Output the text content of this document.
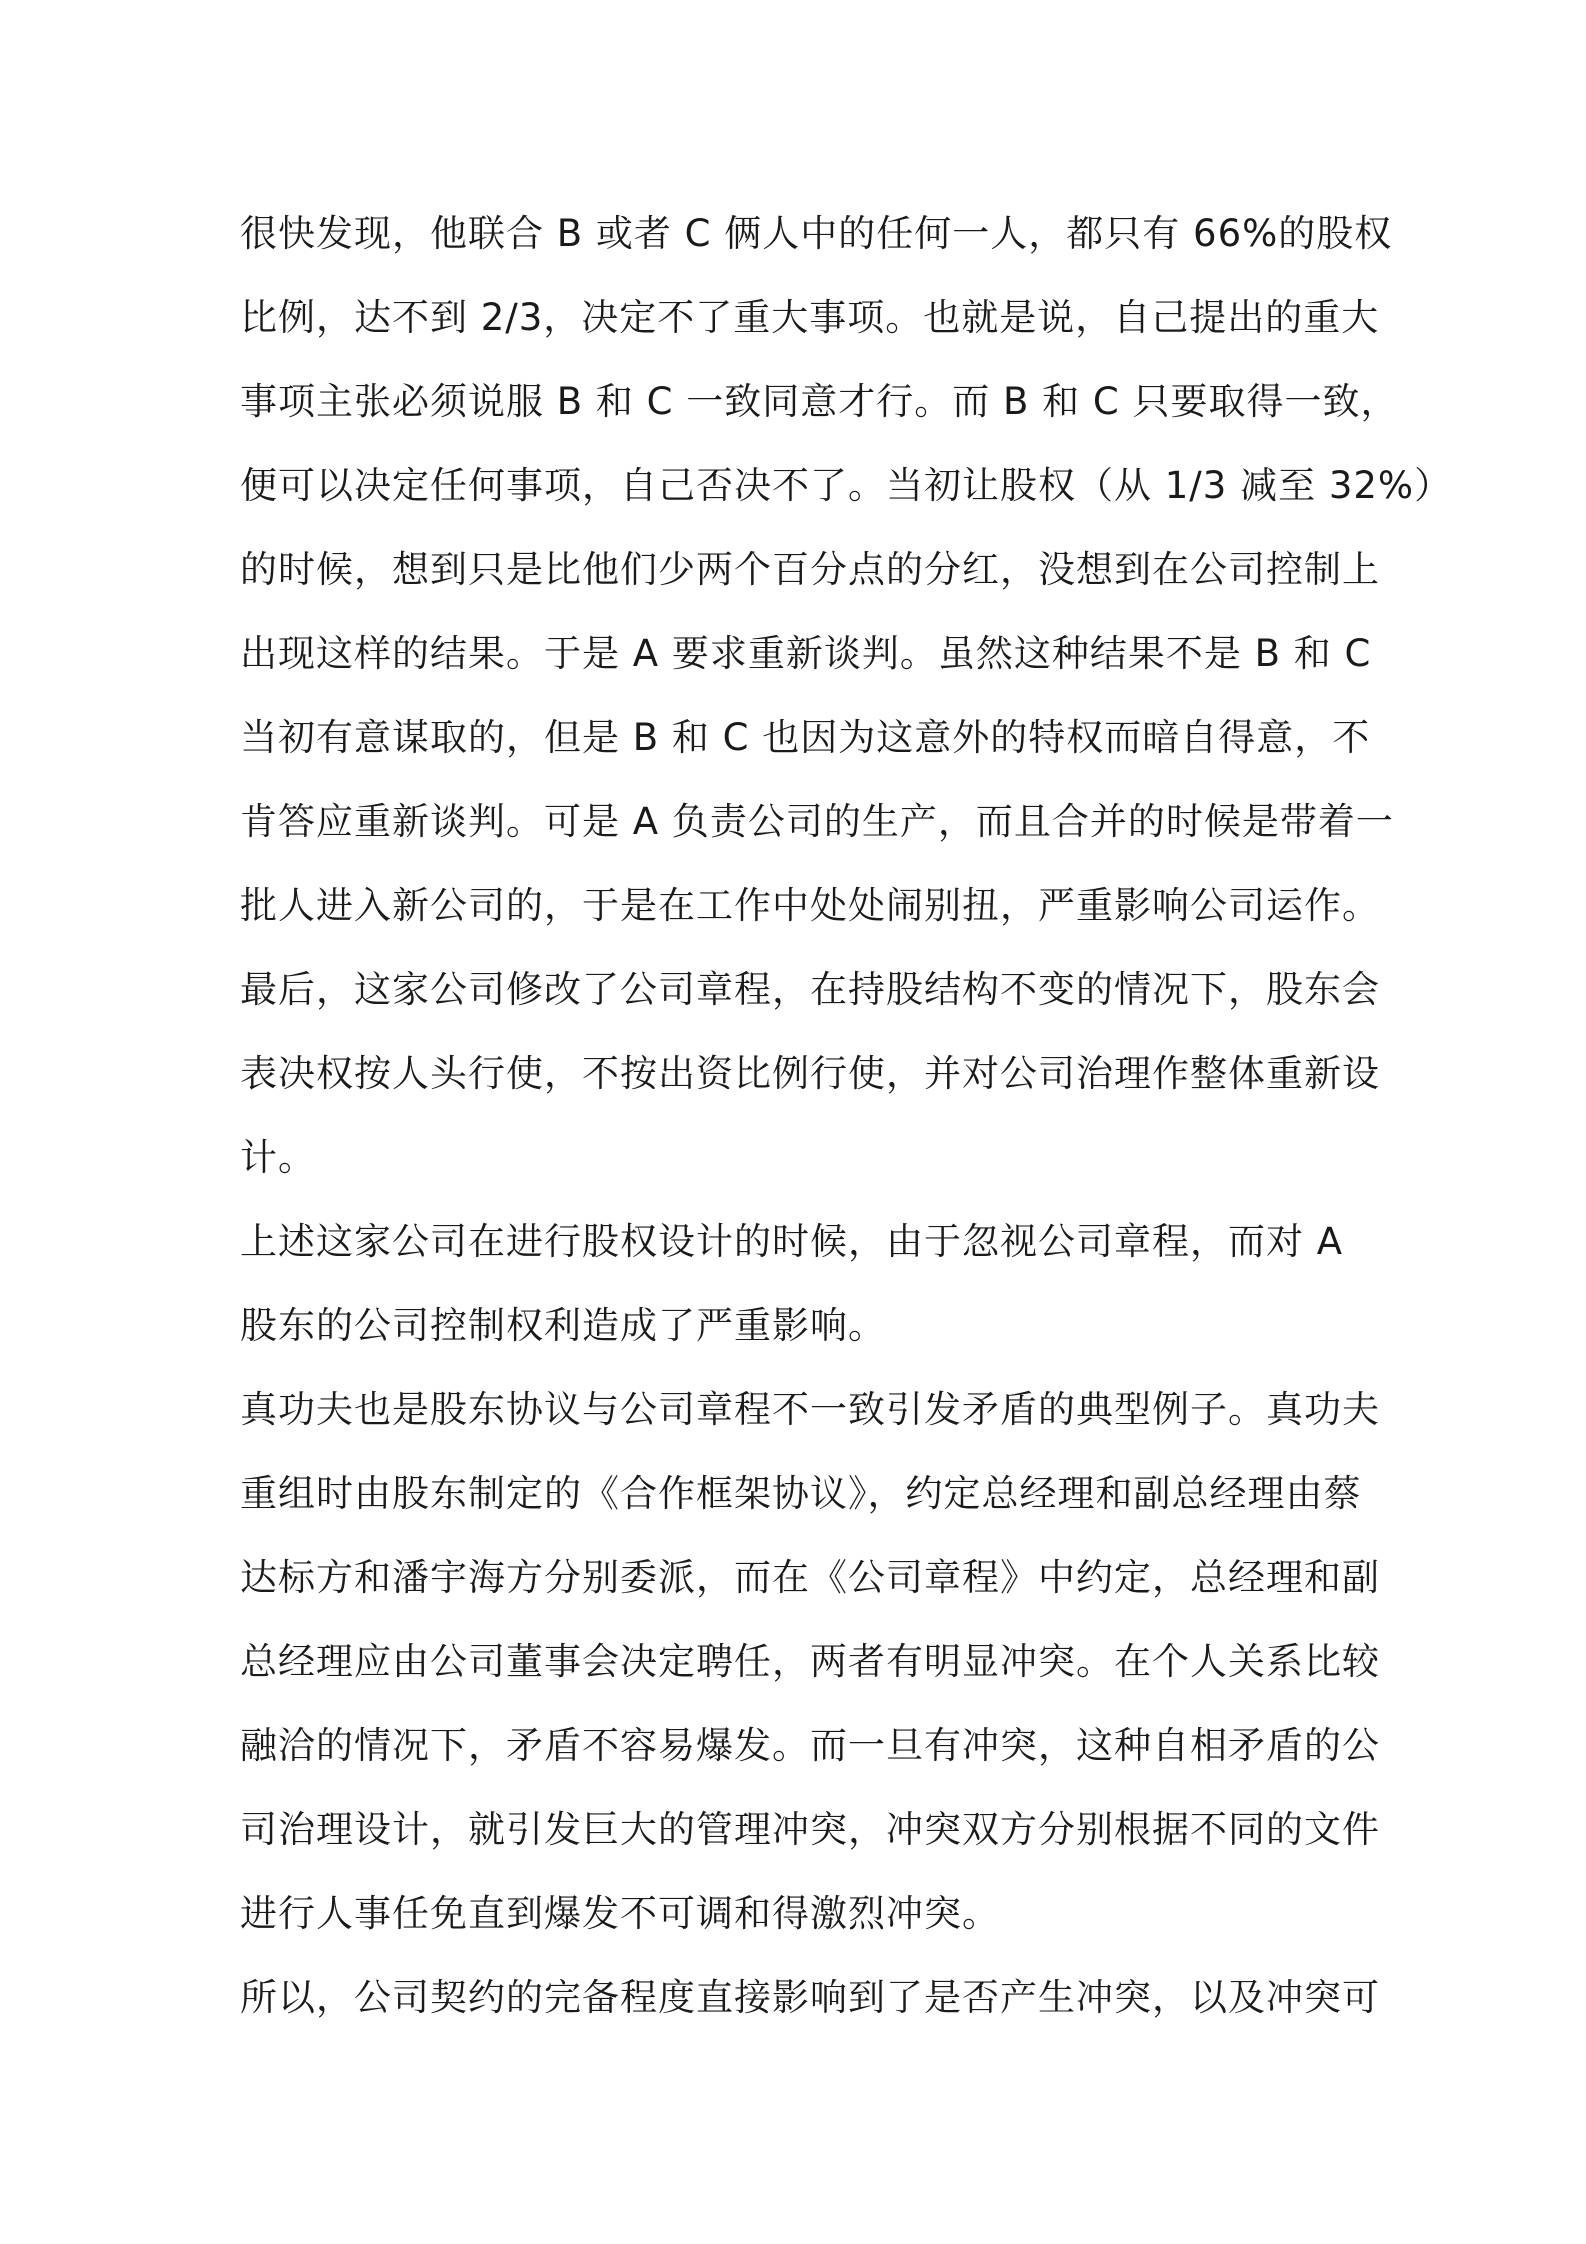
很快发现，他联合 B 或者 C 俩人中的任何一人，都只有 66%的股权
比例，达不到 2/3，决定不了重大事项。也就是说，自己提出的重大
事项主张必须说服 B 和 C 一致同意才行。而 B 和 C 只要取得一致，
便可以决定任何事项，自己否决不了。当初让股权（从 1/3 减至 32%）
的时候，想到只是比他们少两个百分点的分红，没想到在公司控制上
出现这样的结果。于是 A 要求重新谈判。虽然这种结果不是 B 和 C
当初有意谋取的，但是 B 和 C 也因为这意外的特权而暗自得意，不
肯答应重新谈判。可是 A 负责公司的生产，而且合并的时候是带着一
批人进入新公司的，于是在工作中处处闹别扭，严重影响公司运作。
最后，这家公司修改了公司章程，在持股结构不变的情况下，股东会
表决权按人头行使，不按出资比例行使，并对公司治理作整体重新设
计。
上述这家公司在进行股权设计的时候，由于忽视公司章程，而对 A
股东的公司控制权利造成了严重影响。
真功夫也是股东协议与公司章程不一致引发矛盾的典型例子。真功夫
重组时由股东制定的《合作框架协议》，约定总经理和副总经理由蔡
达标方和潘宇海方分别委派，而在《公司章程》中约定，总经理和副
总经理应由公司董事会决定聘任，两者有明显冲突。在个人关系比较
融洽的情况下，矛盾不容易爆发。而一旦有冲突，这种自相矛盾的公
司治理设计，就引发巨大的管理冲突，冲突双方分别根据不同的文件
进行人事任免直到爆发不可调和得激烈冲突。
所以，公司契约的完备程度直接影响到了是否产生冲突，以及冲突可
